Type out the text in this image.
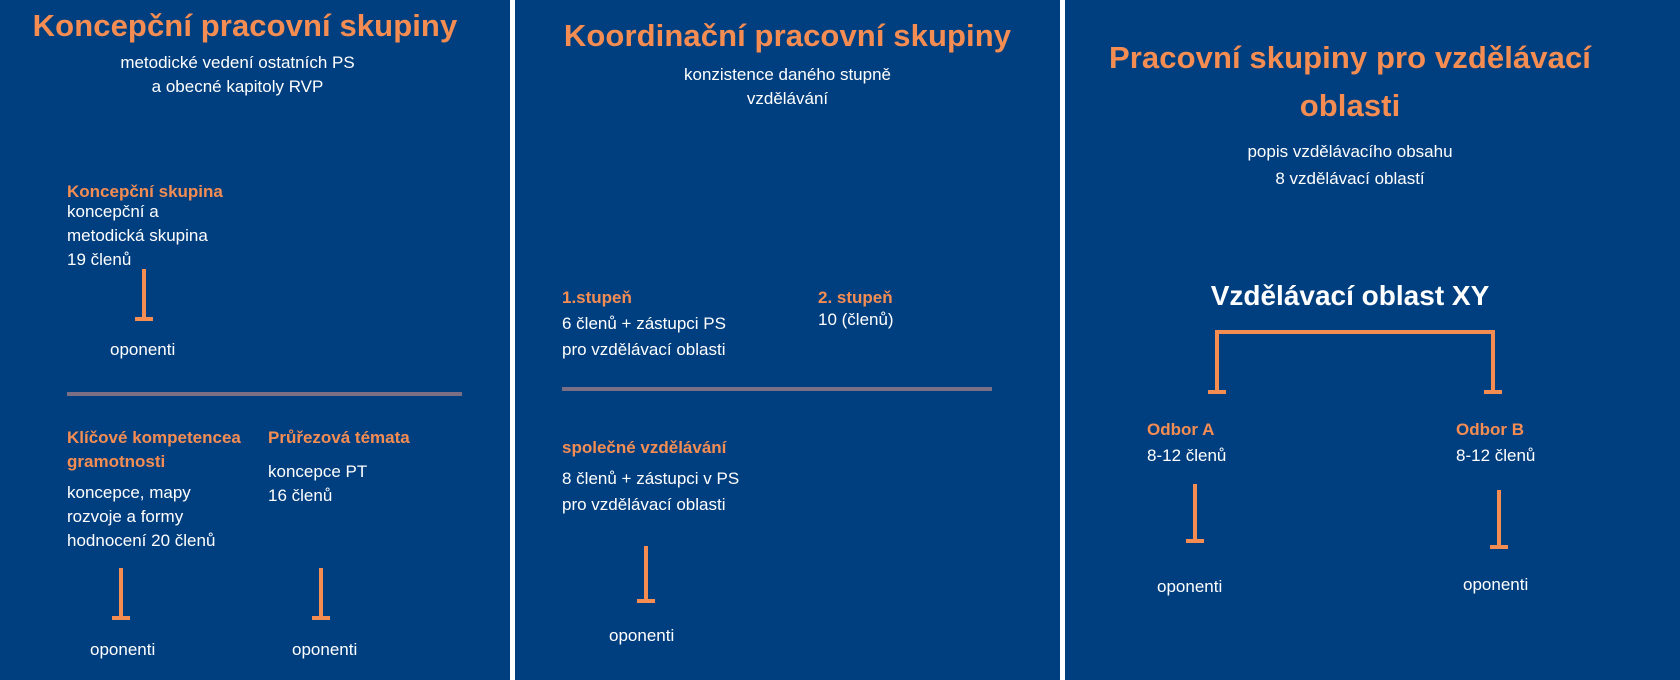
Koncepční pracovní skupiny
metodické vedení ostatních PS
a obecné kapitoly RVP
Koncepční skupina
koncepční a
metodická skupina
19 členů
oponenti
Klíčové kompetencea
gramotnosti
koncepce, mapy
rozvoje a formy
hodnocení 20 členů
oponenti
Průřezová témata
koncepce PT
16 členů
oponenti
Koordinační pracovní skupiny
konzistence daného stupně
vzdělávání
1.stupeň
6 členů + zástupci PS
pro vzdělávací oblasti
2. stupeň
10 (členů)
společné vzdělávání
8 členů + zástupci v PS
pro vzdělávací oblasti
oponenti
Pracovní skupiny pro vzdělávací
oblasti
popis vzdělávacího obsahu
8 vzdělávací oblastí
Vzdělávací oblast XY
Odbor A
8-12 členů
oponenti
Odbor B
8-12 členů
oponenti
